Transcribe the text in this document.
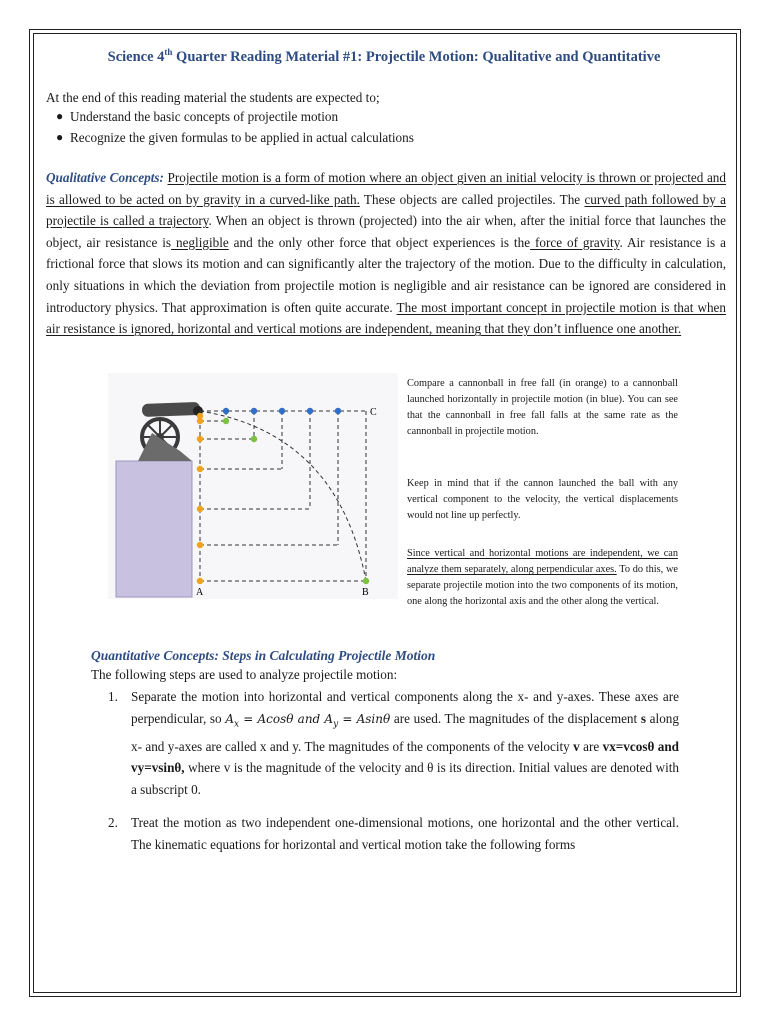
Science 4th Quarter Reading Material #1: Projectile Motion: Qualitative and Quantitative
At the end of this reading material the students are expected to;
● Understand the basic concepts of projectile motion
● Recognize the given formulas to be applied in actual calculations
Qualitative Concepts: Projectile motion is a form of motion where an object given an initial velocity is thrown or projected and is allowed to be acted on by gravity in a curved-like path. These objects are called projectiles. The curved path followed by a projectile is called a trajectory. When an object is thrown (projected) into the air when, after the initial force that launches the object, air resistance is negligible and the only other force that object experiences is the force of gravity. Air resistance is a frictional force that slows its motion and can significantly alter the trajectory of the motion. Due to the difficulty in calculation, only situations in which the deviation from projectile motion is negligible and air resistance can be ignored are considered in introductory physics. That approximation is often quite accurate. The most important concept in projectile motion is that when air resistance is ignored, horizontal and vertical motions are independent, meaning that they don’t influence one another.
A	B
C
Compare a cannonball in free fall (in orange) to a cannonball launched horizontally in projectile motion (in blue). You can see that the cannonball in free fall falls at the same rate as the cannonball in projectile motion.
Keep in mind that if the cannon launched the ball with any vertical component to the velocity, the vertical displacements would not line up perfectly.
Since vertical and horizontal motions are independent, we can analyze them separately, along perpendicular axes. To do this, we separate projectile motion into the two components of its motion, one along the horizontal axis and the other along the vertical.
Quantitative Concepts: Steps in Calculating Projectile Motion
The following steps are used to analyze projectile motion:
1. Separate the motion into horizontal and vertical components along the x- and y-axes. These axes are perpendicular, so $A_x = Acos\theta$ and $A_y = Asin\theta$ are used. The magnitudes of the displacement s along x- and y-axes are called x and y. The magnitudes of the components of the velocity v are vx=vcosθ and vy=vsinθ, where v is the magnitude of the velocity and θ is its direction. Initial values are denoted with a subscript 0.
2. Treat the motion as two independent one-dimensional motions, one horizontal and the other vertical. The kinematic equations for horizontal and vertical motion take the following forms
